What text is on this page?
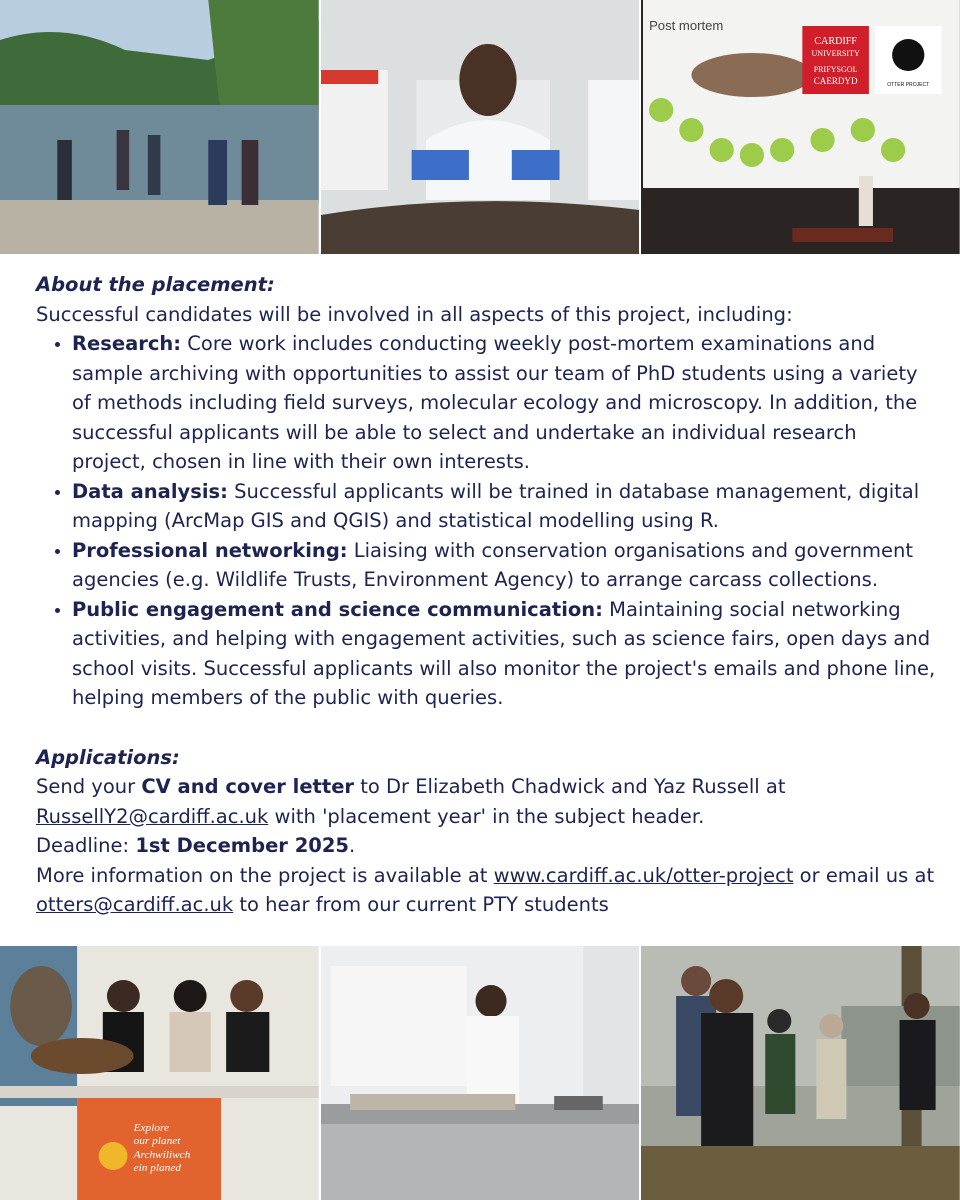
Post mortem
CARDIFF
UNIVERSITY
PRIFYSGOL
CAERDYD	OTTER PROJECT

About the placement:

Successful candidates will be involved in all aspects of this project, including:

• Research: Core work includes conducting weekly post-mortem examinations and sample archiving with opportunities to assist our team of PhD students using a variety of methods including field surveys, molecular ecology and microscopy. In addition, the successful applicants will be able to select and undertake an individual research project, chosen in line with their own interests.
• Data analysis: Successful applicants will be trained in database management, digital mapping (ArcMap GIS and QGIS) and statistical modelling using R.
• Professional networking: Liaising with conservation organisations and government agencies (e.g. Wildlife Trusts, Environment Agency) to arrange carcass collections.
• Public engagement and science communication: Maintaining social networking activities, and helping with engagement activities, such as science fairs, open days and school visits. Successful applicants will also monitor the project's emails and phone line, helping members of the public with queries.

Applications:

Send your CV and cover letter to Dr Elizabeth Chadwick and Yaz Russell at
RussellY2@cardiff.ac.uk with 'placement year' in the subject header.

Deadline: 1st December 2025.

More information on the project is available at www.cardiff.ac.uk/otter-project or email us at otters@cardiff.ac.uk to hear from our current PTY students

Explore
our planet
Archwiliwch
ein planed
